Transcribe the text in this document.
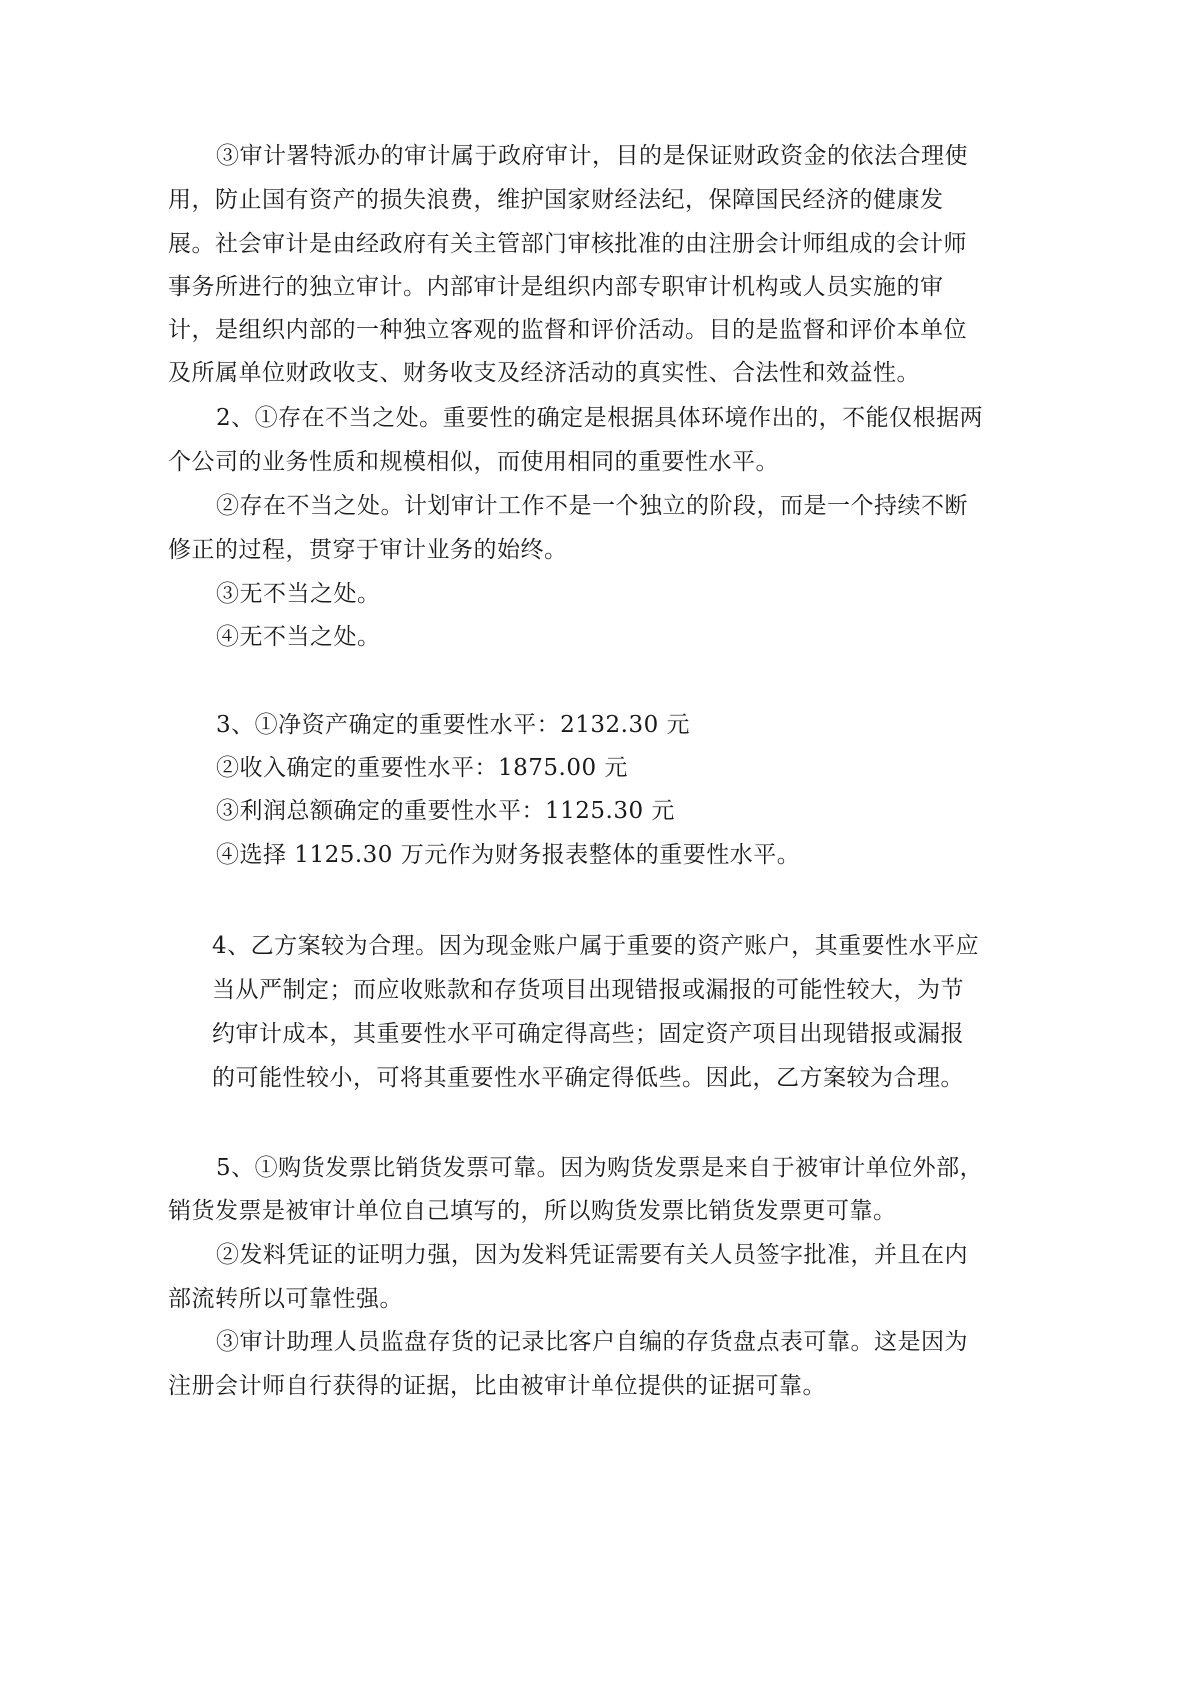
③审计署特派办的审计属于政府审计，目的是保证财政资金的依法合理使
用，防止国有资产的损失浪费，维护国家财经法纪，保障国民经济的健康发
展。社会审计是由经政府有关主管部门审核批准的由注册会计师组成的会计师
事务所进行的独立审计。内部审计是组织内部专职审计机构或人员实施的审
计，是组织内部的一种独立客观的监督和评价活动。目的是监督和评价本单位
及所属单位财政收支、财务收支及经济活动的真实性、合法性和效益性。
2、①存在不当之处。重要性的确定是根据具体环境作出的，不能仅根据两
个公司的业务性质和规模相似，而使用相同的重要性水平。
②存在不当之处。计划审计工作不是一个独立的阶段，而是一个持续不断
修正的过程，贯穿于审计业务的始终。
③无不当之处。
④无不当之处。
3、①净资产确定的重要性水平：2132.30 元
②收入确定的重要性水平：1875.00 元
③利润总额确定的重要性水平：1125.30 元
④选择 1125.30 万元作为财务报表整体的重要性水平。
4、乙方案较为合理。因为现金账户属于重要的资产账户，其重要性水平应
当从严制定；而应收账款和存货项目出现错报或漏报的可能性较大，为节
约审计成本，其重要性水平可确定得高些；固定资产项目出现错报或漏报
的可能性较小，可将其重要性水平确定得低些。因此，乙方案较为合理。
5、①购货发票比销货发票可靠。因为购货发票是来自于被审计单位外部，
销货发票是被审计单位自己填写的，所以购货发票比销货发票更可靠。
②发料凭证的证明力强，因为发料凭证需要有关人员签字批准，并且在内
部流转所以可靠性强。
③审计助理人员监盘存货的记录比客户自编的存货盘点表可靠。这是因为
注册会计师自行获得的证据，比由被审计单位提供的证据可靠。
